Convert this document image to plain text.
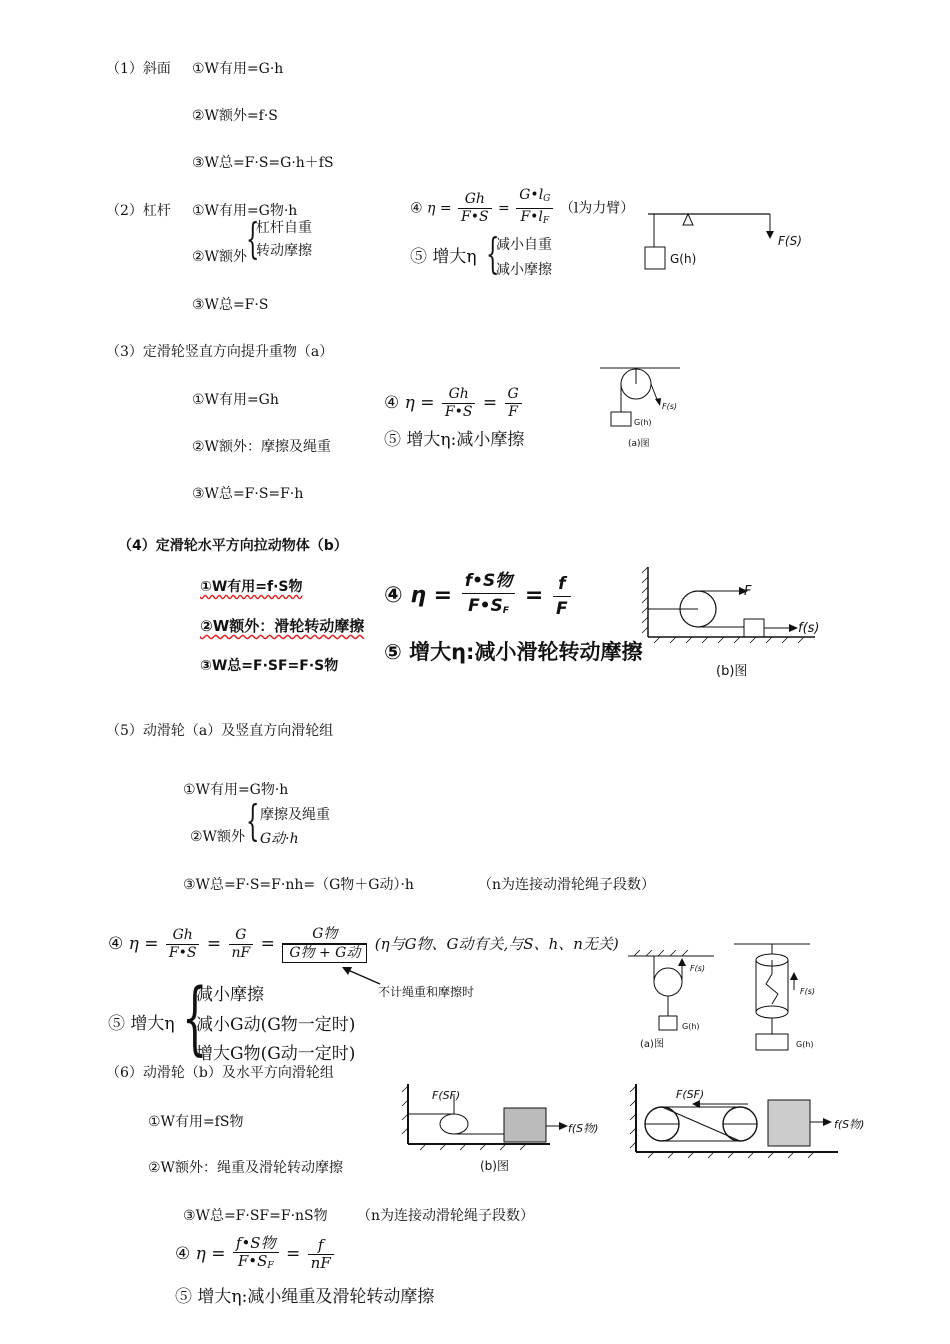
（1）斜面 ①W有用=G·h
②W额外=f·S
③W总=F·S=G·h＋fS
（2）杠杆 ①W有用=G物·h
②W额外 {
杠杆自重
转动摩擦
③W总=F·S
④ $\eta = \frac{Gh}{F•S} = \frac{G•l_G}{F•l_F} (l$为力臂）
⑤ 增大η {
减小自重
减小摩擦
G(h)
F(S)
（3）定滑轮竖直方向提升重物（a）
①W有用=Gh
②W额外：摩擦及绳重
③W总=F·S=F·h
④ $\eta = \frac{Gh}{F•S} = \frac{G}{F}$
⑤ 增大η:减小摩擦
F(s)
G(h)
(a)图
（4）定滑轮水平方向拉动物体（b）
①W有用=f·S物
②W额外：滑轮转动摩擦
③W总=F·SF=F·S物
④ $\eta = \frac{\text{f•S物}}{F•S_F} = \frac{f}{F}$
⑤ 增大η:减小滑轮转动摩擦
F
f(s)
(b)图
（5）动滑轮（a）及竖直方向滑轮组
①W有用=G物·h
②W额外 { 摩擦及绳重
G动·h
③W总=F·S=F·nh=（G物＋G动）·h	（n为连接动滑轮绳子段数）
④ $\eta = \frac{Gh}{F•S} = \frac{G}{nF} = \frac{\text{G物}}{\text{G物 + G动}} (\eta$与G物、G动有关,与S、h、n无关)
不计绳重和摩擦时
⑤ 增大η {
减小摩擦
减小G动(G物一定时)
增大G物(G动一定时)
F(s)
G(h)
(a)图
F(s)
G(h)
（6）动滑轮（b）及水平方向滑轮组
①W有用=fS物
②W额外：绳重及滑轮转动摩擦
③W总=F·SF=F·nS物 （n为连接动滑轮绳子段数）
④ $\eta = \frac{\text{f•S物}}{F•S_F} = \frac{f}{nF}$
⑤ 增大η:减小绳重及滑轮转动摩擦
F(SF)
f(S物)
(b)图
F(SF)
f(S物)
